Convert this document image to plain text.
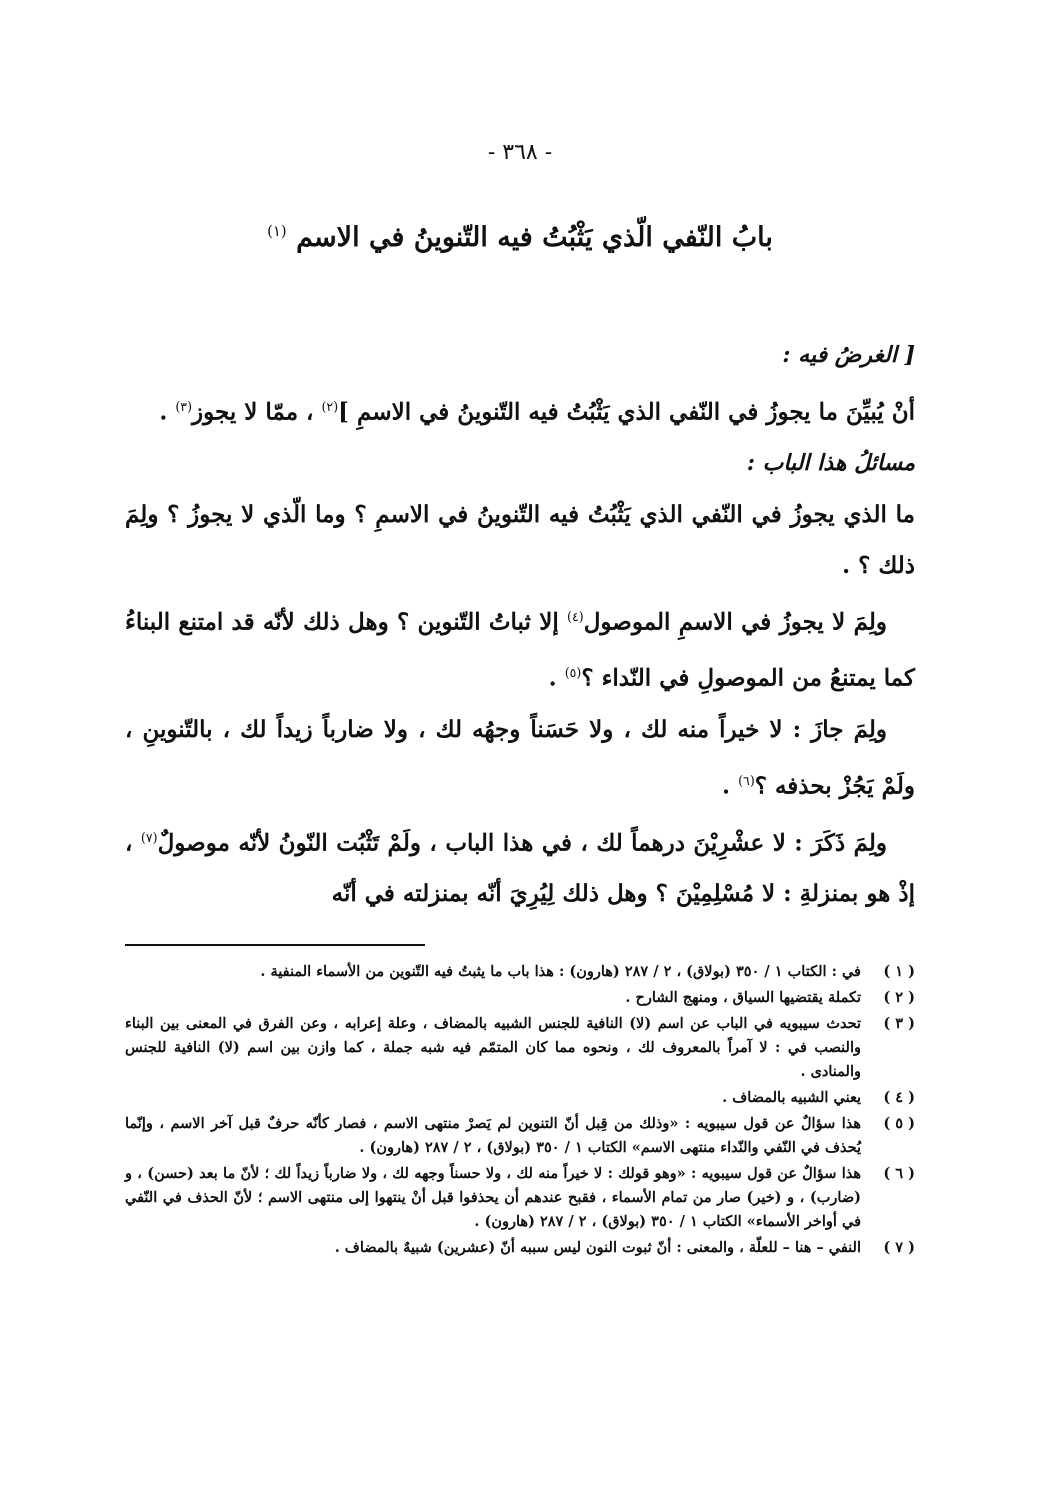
- ٣٦٨ -
بابُ النّفي الّذي يَثْبُتُ فيه التّنوينُ في الاسم $^{(١)}$

[ الغرضُ فيه :

أنْ يُبيِّنَ ما يجوزُ في النّفي الذي يَثْبُتُ فيه التّنوينُ في الاسمِ ]$^{(٢)}$ ، ممّا لا يجوز$^{(٣)}$ .

مسائلُ هذا الباب :

ما الذي يجوزُ في النّفي الذي يَثْبُتُ فيه التّنوينُ في الاسمِ ؟ وما الّذي لا يجوزُ ؟ ولِمَ ذلك ؟ .

ولِمَ لا يجوزُ في الاسمِ الموصول$^{(٤)}$ إلا ثباتُ التّنوين ؟ وهل ذلك لأنّه قد امتنع البناءُ كما يمتنعُ من الموصولِ في النّداء ؟$^{(٥)}$ .

ولِمَ جازَ : لا خيراً منه لك ، ولا حَسَناً وجهُه لك ، ولا ضارباً زيداً لك ، بالتّنوينِ ، ولَمْ يَجُزْ بحذفه ؟$^{(٦)}$ .

ولِمَ ذَكَرَ : لا عشْرِيْنَ درهماً لك ، في هذا الباب ، ولَمْ تَثْبُت النّونُ لأنّه موصولٌ$^{(٧)}$ ، إذْ هو بمنزلةِ : لا مُسْلِمِيْنَ ؟ وهل ذلك لِيُرِيَ أنّه بمنزلته في أنّه

( ١ )
في : الكتاب ١ / ٣٥٠ (بولاق) ، ٢ / ٢٨٧ (هارون) : هذا باب ما يثبتُ فيه التّنوين من الأسماء المنفية .
( ٢ )
تكملة يقتضيها السياق ، ومنهج الشارح .
( ٣ )
تحدث سيبويه في الباب عن اسم (لا) النافية للجنس الشبيه بالمضاف ، وعلة إعرابه ، وعن الفرق في المعنى بين البناء والنصب في : لا آمراً بالمعروف لك ، ونحوه مما كان المتمّم فيه شبه جملة ، كما وازن بين اسم (لا) النافية للجنس والمنادى .
( ٤ )
يعني الشبيه بالمضاف .
( ٥ )
هذا سؤالٌ عن قول سيبويه : «وذلك من قِبل أنّ التنوين لم يَصرْ منتهى الاسم ، فصار كأنّه حرفٌ قبل آخر الاسم ، وإنّما يُحذف في النّفي والنّداء منتهى الاسم» الكتاب ١ / ٣٥٠ (بولاق) ، ٢ / ٢٨٧ (هارون) .
( ٦ )
هذا سؤالٌ عن قول سيبويه : «وهو قولك : لا خيراً منه لك ، ولا حسناً وجهه لك ، ولا ضارباً زيداً لك ؛ لأنّ ما بعد (حسن) ، و (ضارب) ، و (خير) صار من تمام الأسماء ، فقبح عندهم أن يحذفوا قبل أنْ ينتهوا إلى منتهى الاسم ؛ لأنّ الحذف في النّفي في أواخر الأسماء» الكتاب ١ / ٣٥٠ (بولاق) ، ٢ / ٢٨٧ (هارون) .
( ٧ )
النفي – هنا – للعلّة ، والمعنى : أنّ ثبوت النون ليس سببه أنّ (عشرين) شبيهٌ بالمضاف .
